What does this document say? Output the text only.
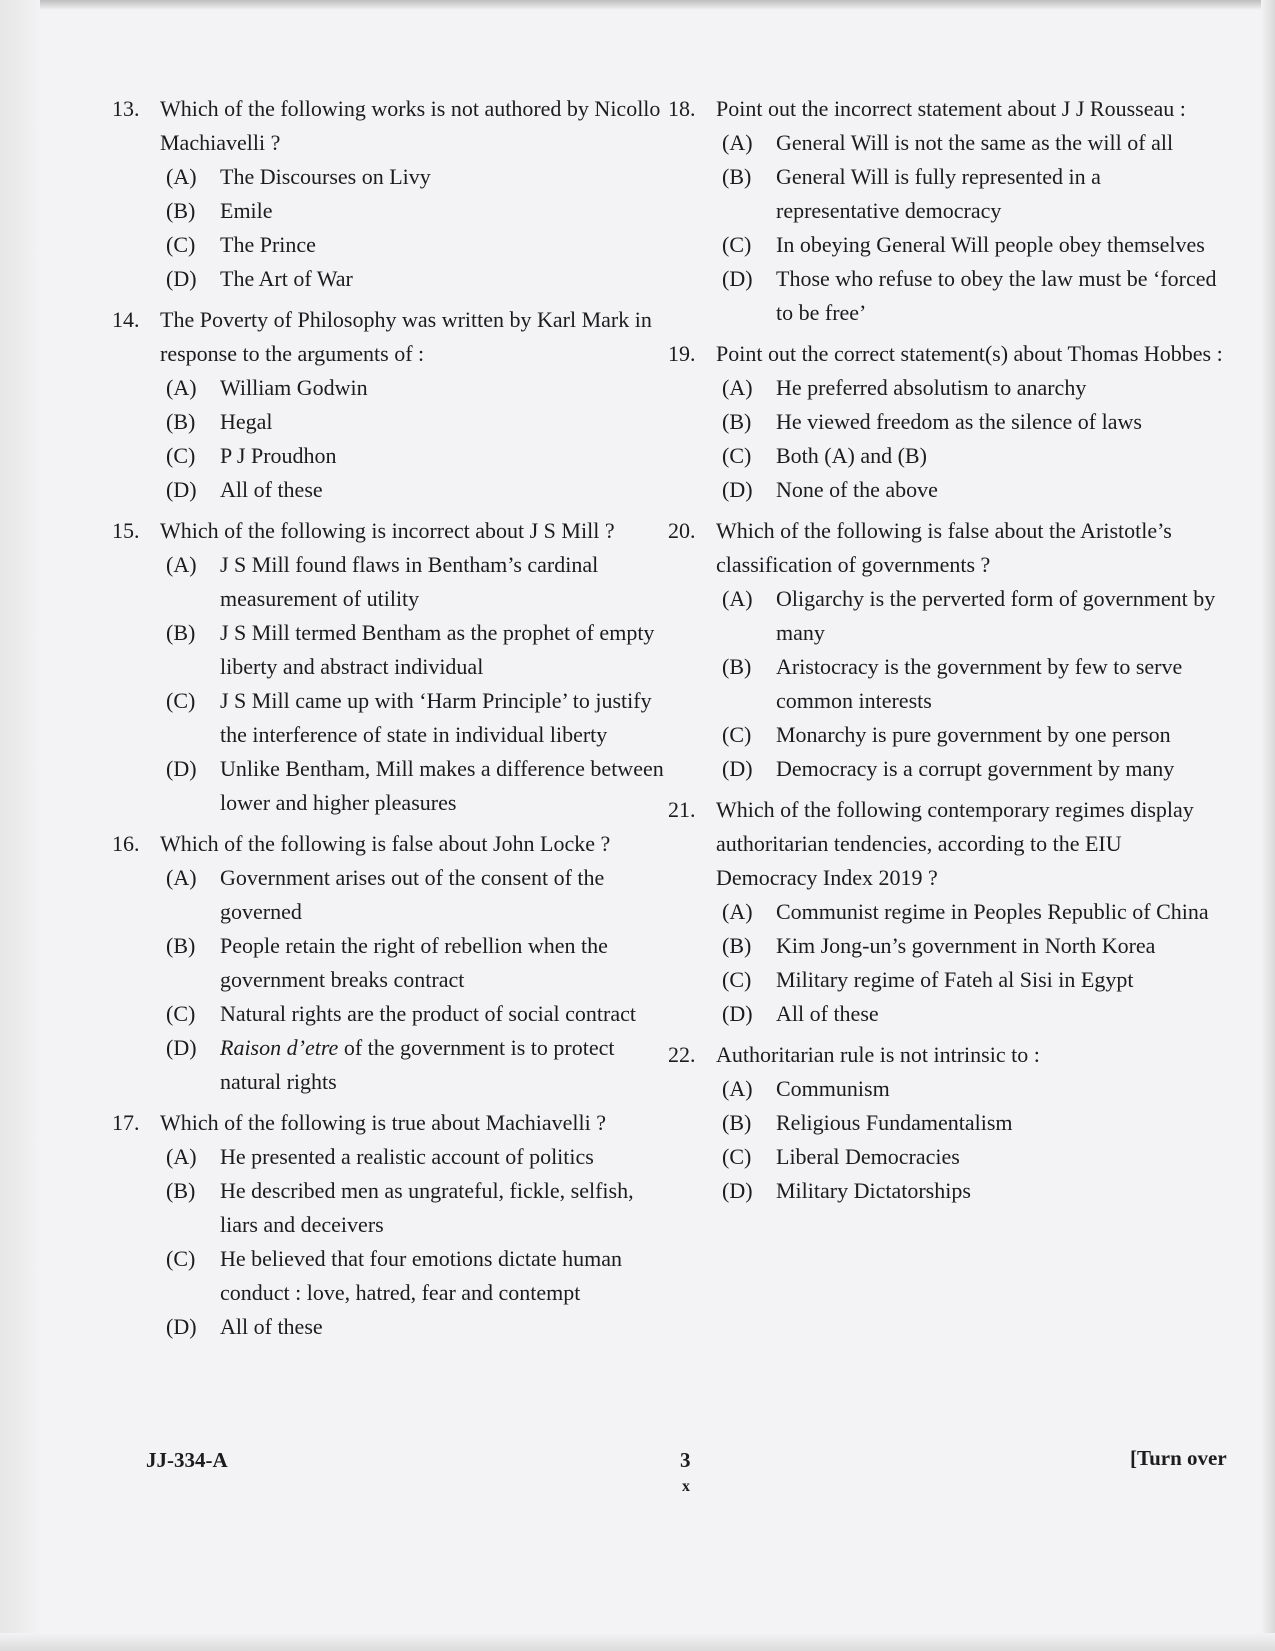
13. Which of the following works is not authored by Nicollo Machiavelli ?
(A)	The Discourses on Livy
(B)	Emile
(C)	The Prince
(D)	The Art of War
14. The Poverty of Philosophy was written by Karl Mark in response to the arguments of :
(A)	William Godwin
(B)	Hegal
(C)	P J Proudhon
(D)	All of these
15. Which of the following is incorrect about J S Mill ?
(A)	J S Mill found flaws in Bentham’s cardinal measurement of utility
(B)	J S Mill termed Bentham as the prophet of empty liberty and abstract individual
(C)	J S Mill came up with ‘Harm Principle’ to justify the interference of state in individual liberty
(D)	Unlike Bentham, Mill makes a difference between lower and higher pleasures
16. Which of the following is false about John Locke ?
(A)	Government arises out of the consent of the governed
(B)	People retain the right of rebellion when the government breaks contract
(C)	Natural rights are the product of social contract
(D)	Raison d’etre of the government is to protect natural rights
17. Which of the following is true about Machiavelli ?
(A)	He presented a realistic account of politics
(B)	He described men as ungrateful, fickle, selfish, liars and deceivers
(C)	He believed that four emotions dictate human conduct : love, hatred, fear and contempt
(D)	All of these
18. Point out the incorrect statement about J J Rousseau :
(A)	General Will is not the same as the will of all
(B)	General Will is fully represented in a representative democracy
(C)	In obeying General Will people obey themselves
(D)	Those who refuse to obey the law must be ‘forced to be free’
19. Point out the correct statement(s) about Thomas Hobbes :
(A)	He preferred absolutism to anarchy
(B)	He viewed freedom as the silence of laws
(C)	Both (A) and (B)
(D)	None of the above
20. Which of the following is false about the Aristotle’s classification of governments ?
(A)	Oligarchy is the perverted form of government by many
(B)	Aristocracy is the government by few to serve common interests
(C)	Monarchy is pure government by one person
(D)	Democracy is a corrupt government by many
21. Which of the following contemporary regimes display authoritarian tendencies, according to the EIU Democracy Index 2019 ?
(A)	Communist regime in Peoples Republic of China
(B)	Kim Jong-un’s government in North Korea
(C)	Military regime of Fateh al Sisi in Egypt
(D)	All of these
22. Authoritarian rule is not intrinsic to :
(A)	Communism
(B)	Religious Fundamentalism
(C)	Liberal Democracies
(D)	Military Dictatorships
JJ-334-A	3
x
[Turn over
